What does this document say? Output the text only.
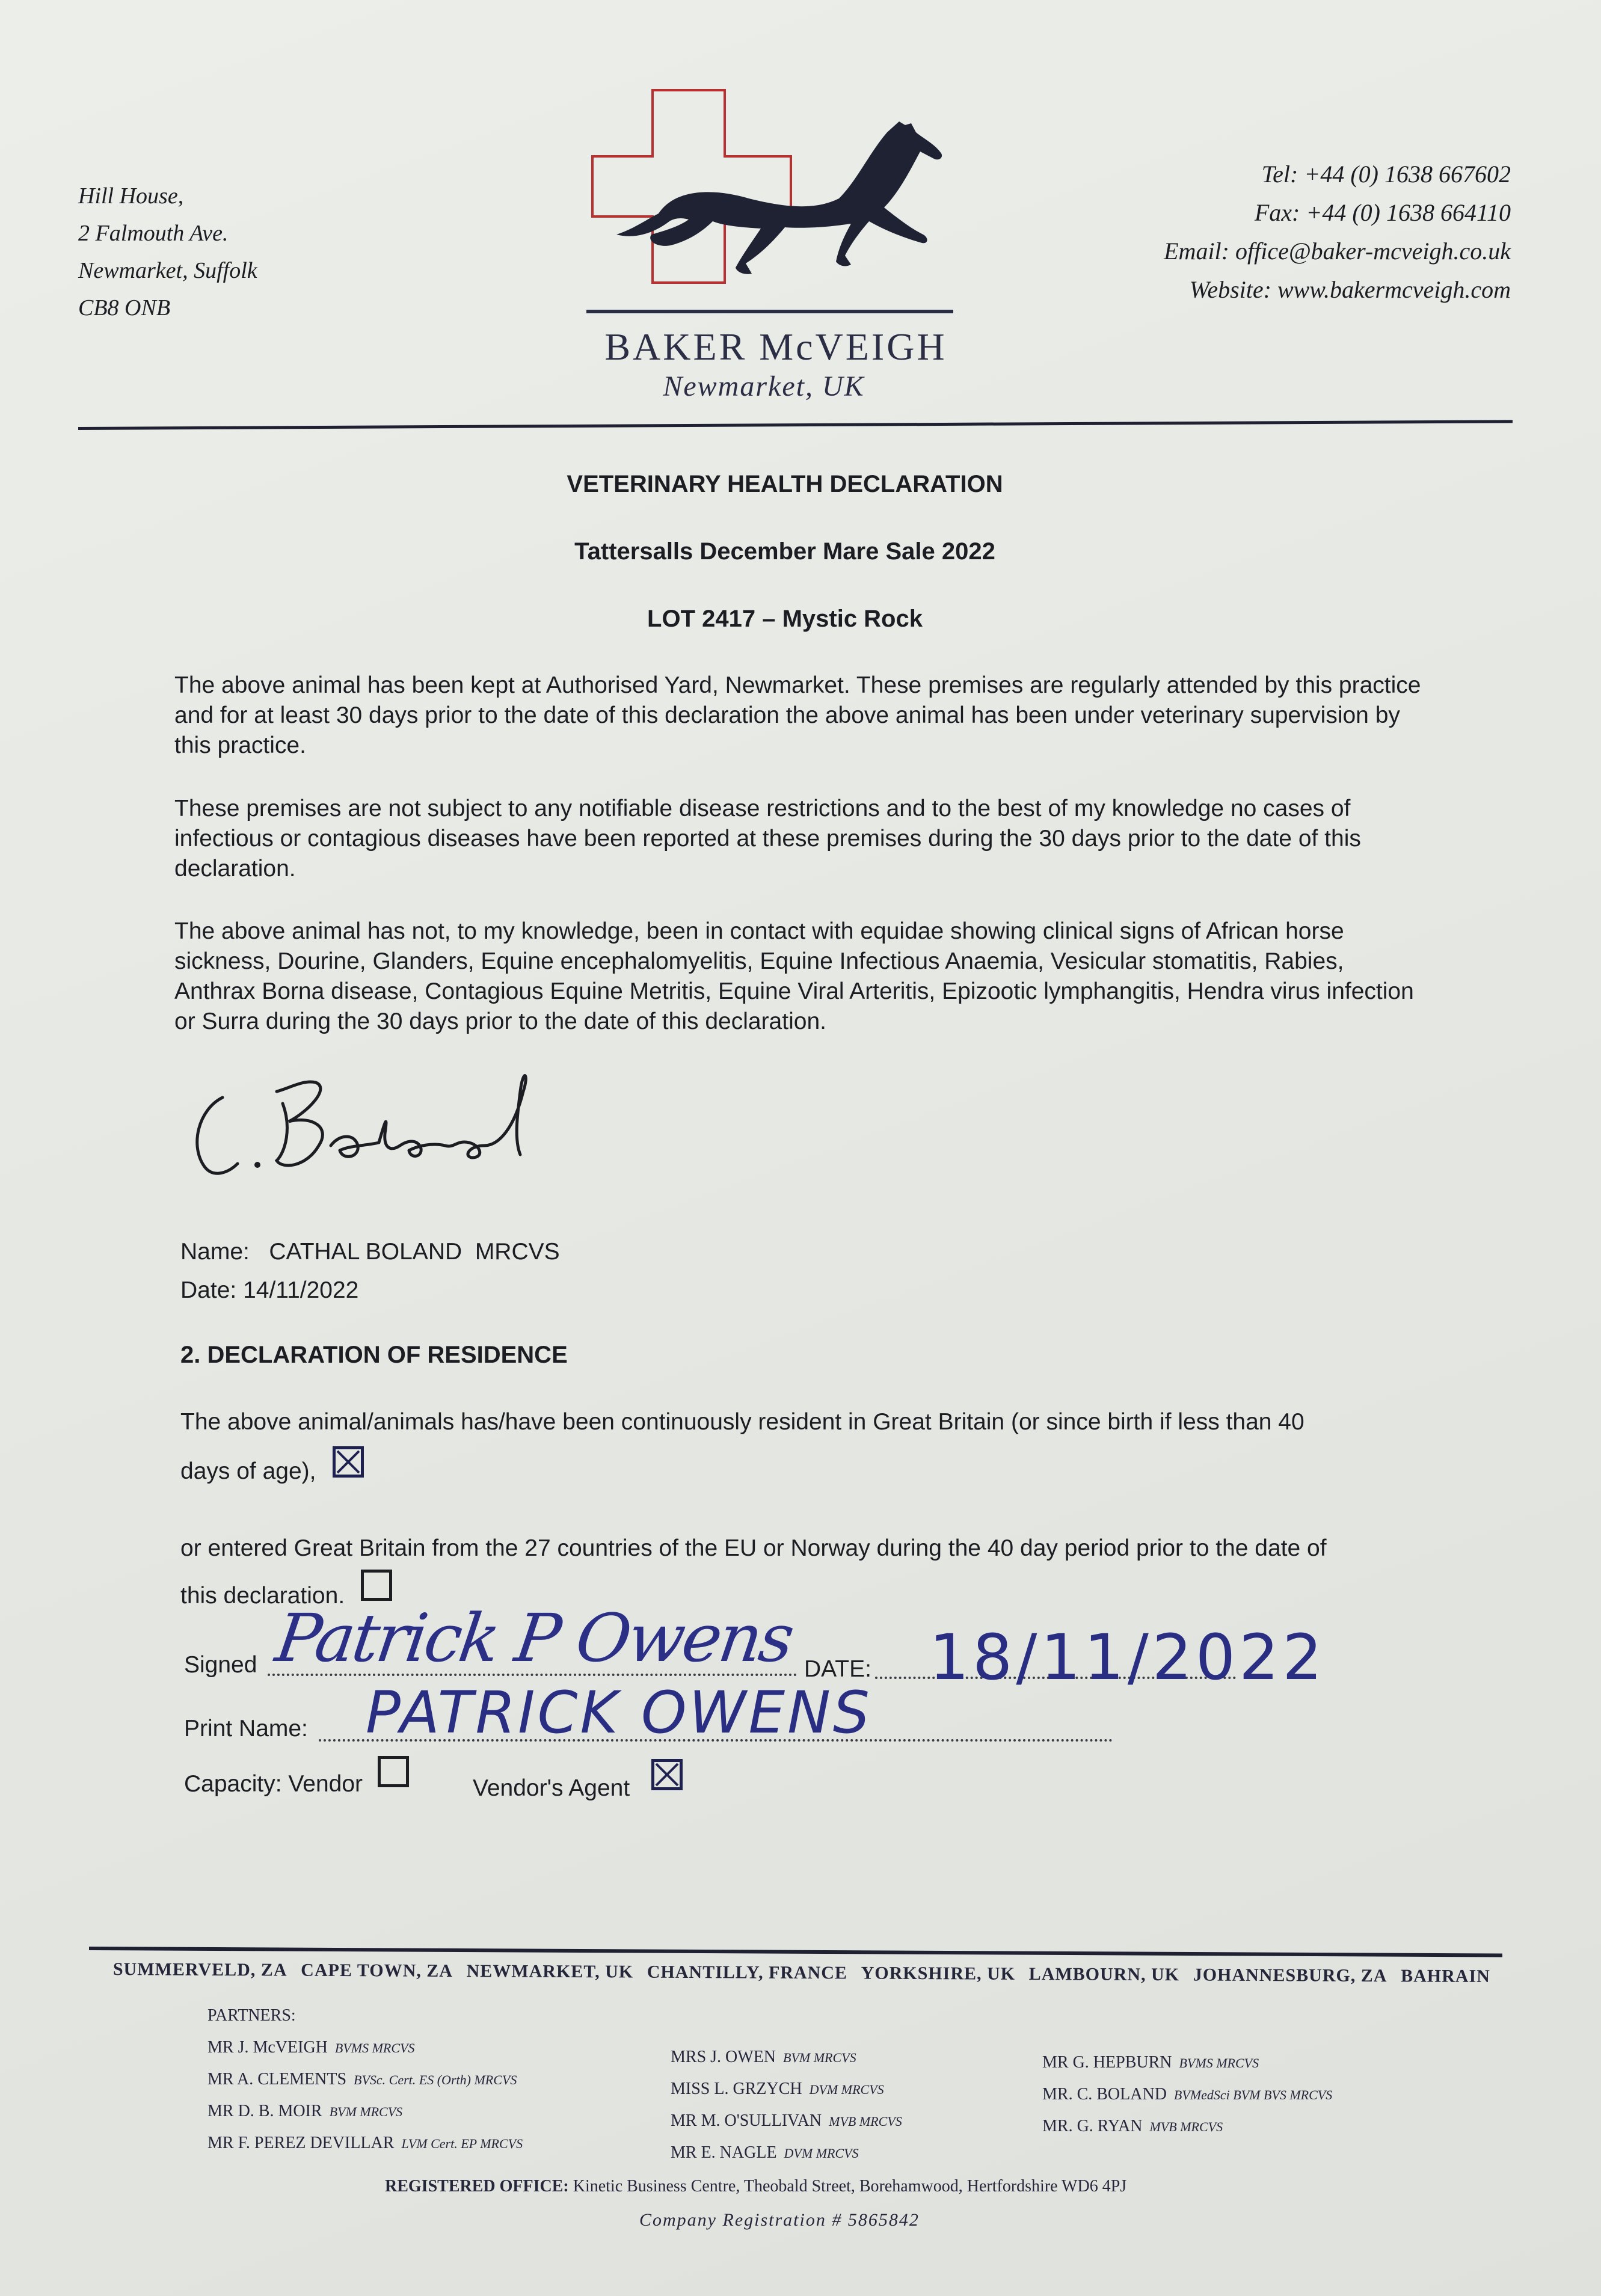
Hill House,
2 Falmouth Ave.
Newmarket, Suffolk
CB8 ONB
BAKER McVEIGH
Newmarket, UK
Tel: +44 (0) 1638 667602
Fax: +44 (0) 1638 664110
Email: office@baker-mcveigh.co.uk
Website: www.bakermcveigh.com
VETERINARY HEALTH DECLARATION
Tattersalls December Mare Sale 2022
LOT 2417 – Mystic Rock
The above animal has been kept at Authorised Yard, Newmarket. These premises are regularly attended by this practice and for at least 30 days prior to the date of this declaration the above animal has been under veterinary supervision by this practice.
These premises are not subject to any notifiable disease restrictions and to the best of my knowledge no cases of infectious or contagious diseases have been reported at these premises during the 30 days prior to the date of this declaration.
The above animal has not, to my knowledge, been in contact with equidae showing clinical signs of African horse sickness, Dourine, Glanders, Equine encephalomyelitis, Equine Infectious Anaemia, Vesicular stomatitis, Rabies, Anthrax Borna disease, Contagious Equine Metritis, Equine Viral Arteritis, Epizootic lymphangitis, Hendra virus infection or Surra during the 30 days prior to the date of this declaration.
Name: CATHAL BOLAND  MRCVS
Date: 14/11/2022
2. DECLARATION OF RESIDENCE
The above animal/animals has/have been continuously resident in Great Britain (or since birth if less than 40
days of age),
or entered Great Britain from the 27 countries of the EU or Norway during the 40 day period prior to the date of
this declaration.
Signed Patrick P Owens DATE: 18/11/2022
Print Name: PATRICK OWENS
Capacity: Vendor	Vendor's Agent
SUMMERVELD, ZA CAPE TOWN, ZA NEWMARKET, UK CHANTILLY, FRANCE YORKSHIRE, UK LAMBOURN, UK JOHANNESBURG, ZA BAHRAIN
PARTNERS:
MR J. McVEIGH BVMS MRCVS
MR A. CLEMENTS BVSc. Cert. ES (Orth) MRCVS
MR D. B. MOIR BVM MRCVS
MR F. PEREZ DEVILLAR LVM Cert. EP MRCVS
MRS J. OWEN BVM MRCVS
MISS L. GRZYCH DVM MRCVS
MR M. O'SULLIVAN MVB MRCVS
MR E. NAGLE DVM MRCVS
MR G. HEPBURN BVMS MRCVS
MR. C. BOLAND BVMedSci BVM BVS MRCVS
MR. G. RYAN MVB MRCVS
REGISTERED OFFICE: Kinetic Business Centre, Theobald Street, Borehamwood, Hertfordshire WD6 4PJ
Company Registration # 5865842
